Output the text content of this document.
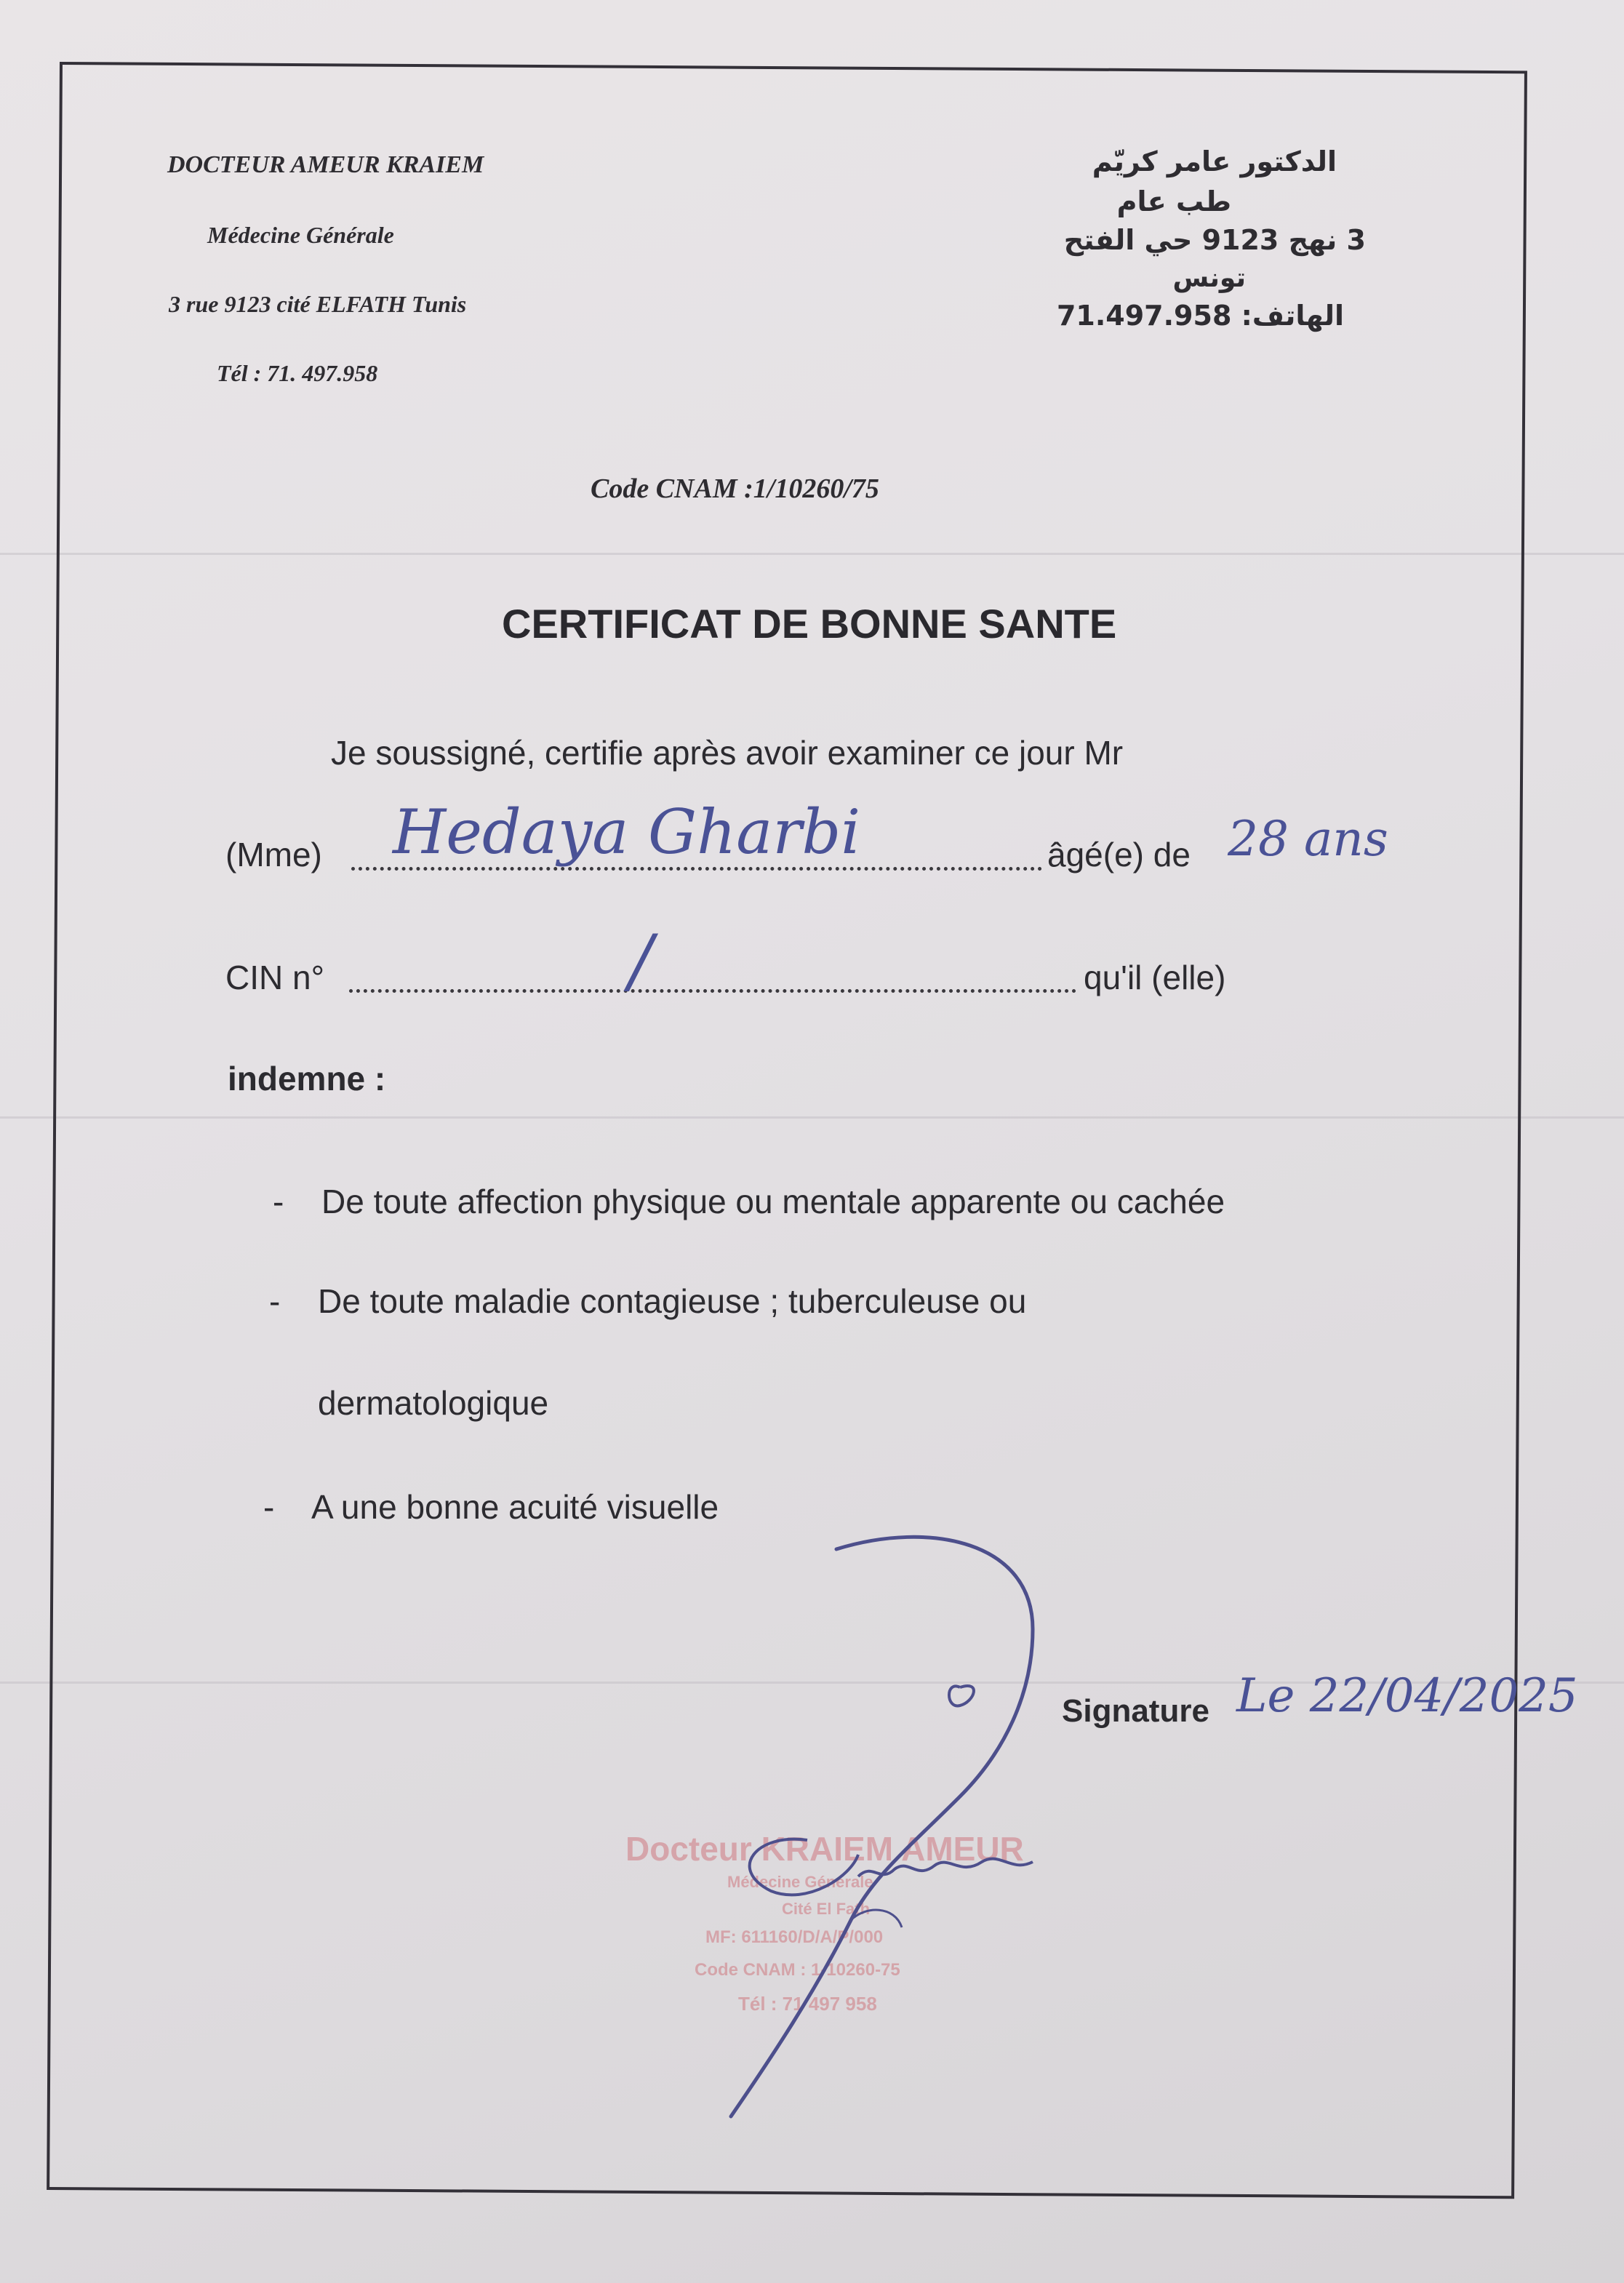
DOCTEUR AMEUR KRAIEM
Médecine Générale
3 rue 9123 cité ELFATH Tunis
Tél : 71. 497.958
الدكتور عامر كريّم
طب عام
3 نهج 9123 حي الفتح
تونس
الهاتف: 71.497.958
Code CNAM :1/10260/75
CERTIFICAT DE BONNE SANTE
Je soussigné, certifie après avoir examiner ce jour Mr
(Mme) Hedaya Gharbi	âgé(e) de 28 ans
CIN n°	/	qu'il (elle)
indemne :
- De toute affection physique ou mentale apparente ou cachée
- De toute maladie contagieuse ; tuberculeuse ou
dermatologique
- A une bonne acuité visuelle
Docteur KRAIEM AMEUR
Médecine Générale
Cité El Fath
MF: 611160/D/A/P/000
Code CNAM : 1-10260-75
Tél : 71 497 958
Signature Le 22/04/2025
